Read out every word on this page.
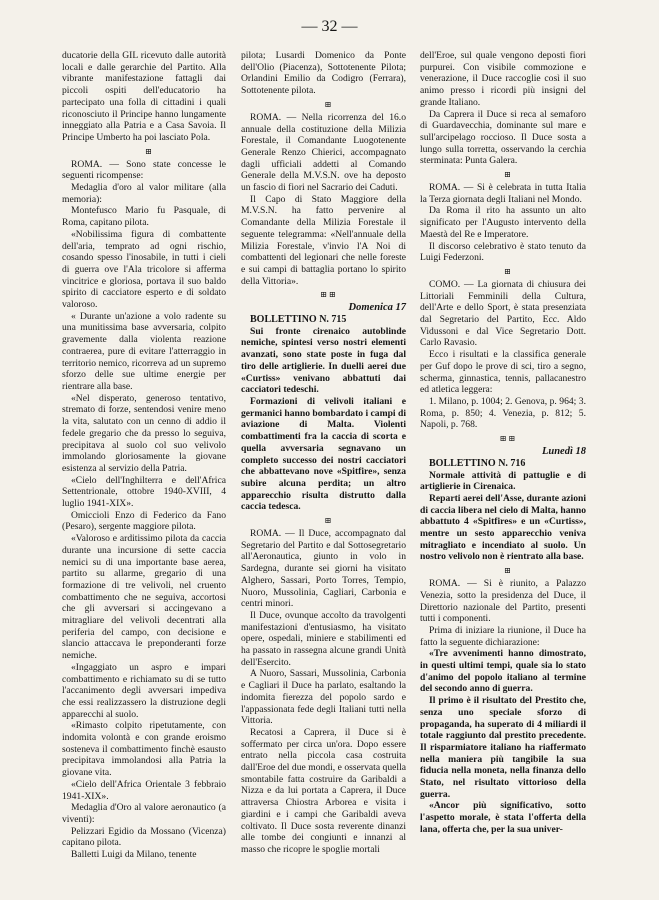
— 32 —

ducatorie della GIL ricevuto dalle autorità locali e dalle gerarchie del Partito. Alla vibrante manifestazione fattagli dai piccoli ospiti dell'educatorio ha partecipato una folla di cittadini i quali riconosciuto il Principe hanno lungamente inneggiato alla Patria e a Casa Savoia. Il Principe Umberto ha poi lasciato Pola.

⊞

ROMA. — Sono state concesse le seguenti ricompense:

Medaglia d'oro al valor militare (alla memoria):

Montefusco Mario fu Pasquale, di Roma, capitano pilota.

«Nobilissima figura di combattente dell'aria, temprato ad ogni rischio, cosando spesso l'inosabile, in tutti i cieli di guerra ove l'Ala tricolore si afferma vincitrice e gloriosa, portava il suo baldo spirito di cacciatore esperto e di soldato valoroso.

« Durante un'azione a volo radente su una munitissima base avversaria, colpito gravemente dalla violenta reazione contraerea, pure di evitare l'atterraggio in territorio nemico, ricorreva ad un supremo sforzo delle sue ultime energie per rientrare alla base.

«Nel disperato, generoso tentativo, stremato di forze, sentendosi venire meno la vita, salutato con un cenno di addio il fedele gregario che da presso lo seguiva, precipitava al suolo col suo velivolo immolando gloriosamente la giovane esistenza al servizio della Patria.

«Cielo dell'Inghilterra e dell'Africa Settentrionale, ottobre 1940-XVIII, 4 luglio 1941-XIX».

Omiccioli Enzo di Federico da Fano (Pesaro), sergente maggiore pilota.

«Valoroso e arditissimo pilota da caccia durante una incursione di sette caccia nemici su di una importante base aerea, partito su allarme, gregario di una formazione di tre velivoli, nel cruento combattimento che ne seguiva, accortosi che gli avversari si accingevano a mitragliare del velivoli decentrati alla periferia del campo, con decisione e slancio attaccava le preponderanti forze nemiche.

«Ingaggiato un aspro e impari combattimento e richiamato su di se tutto l'accanimento degli avversari impediva che essi realizzassero la distruzione degli apparecchi al suolo.

«Rimasto colpito ripetutamente, con indomita volontà e con grande eroismo sosteneva il combattimento finchè esausto precipitava immolandosi alla Patria la giovane vita.

«Cielo dell'Africa Orientale 3 febbraio 1941-XIX».

Medaglia d'Oro al valore aeronautico (a viventi):

Pelizzari Egidio da Mossano (Vicenza) capitano pilota.

Balletti Luigi da Milano, tenente

pilota; Lusardi Domenico da Ponte dell'Olio (Piacenza), Sottotenente Pilota; Orlandini Emilio da Codigro (Ferrara), Sottotenente pilota.

⊞

ROMA. — Nella ricorrenza del 16.o annuale della costituzione della Milizia Forestale, il Comandante Luogotenente Generale Renzo Chierici, accompagnato dagli ufficiali addetti al Comando Generale della M.V.S.N. ove ha deposto un fascio di fiori nel Sacrario dei Caduti.

Il Capo di Stato Maggiore della M.V.S.N. ha fatto pervenire al Comandante della Milizia Forestale il seguente telegramma: «Nell'annuale della Milizia Forestale, v'invio l'A Noi di combattenti del legionari che nelle foreste e sui campi di battaglia portano lo spirito della Vittoria».

⊞ ⊞

Domenica 17

BOLLETTINO N. 715

Sui fronte cirenaico autoblinde nemiche, spintesi verso nostri elementi avanzati, sono state poste in fuga dal tiro delle artiglierie. In duelli aerei due «Curtiss» venivano abbattuti dai cacciatori tedeschi.

Formazioni di velivoli italiani e germanici hanno bombardato i campi di aviazione di Malta. Violenti combattimenti fra la caccia di scorta e quella avversaria segnavano un completo successo dei nostri cacciatori che abbattevano nove «Spitfire», senza subire alcuna perdita; un altro apparecchio risulta distrutto dalla caccia tedesca.

⊞

ROMA. — Il Duce, accompagnato dal Segretario del Partito e dal Sottosegretario all'Aeronautica, giunto in volo in Sardegna, durante sei giorni ha visitato Alghero, Sassari, Porto Torres, Tempio, Nuoro, Mussolinia, Cagliari, Carbonia e centri minori.

Il Duce, ovunque accolto da travolgenti manifestazioni d'entusiasmo, ha visitato opere, ospedali, miniere e stabilimenti ed ha passato in rassegna alcune grandi Unità dell'Esercito.

A Nuoro, Sassari, Mussolinia, Carbonia e Cagliari il Duce ha parlato, esaltando la indomita fierezza del popolo sardo e l'appassionata fede degli Italiani tutti nella Vittoria.

Recatosi a Caprera, il Duce si è soffermato per circa un'ora. Dopo essere entrato nella piccola casa costruita dall'Eroe del due mondi, e osservata quella smontabile fatta costruire da Garibaldi a Nizza e da lui portata a Caprera, il Duce attraversa Chiostra Arborea e visita i giardini e i campi che Garibaldi aveva coltivato. Il Duce sosta reverente dinanzi alle tombe dei congiunti e innanzi al masso che ricopre le spoglie mortali

dell'Eroe, sul quale vengono deposti fiori purpurei. Con visibile commozione e venerazione, il Duce raccoglie così il suo animo presso i ricordi più insigni del grande Italiano.

Da Caprera il Duce si reca al semaforo di Guardavecchia, dominante sul mare e sull'arcipelago roccioso. Il Duce sosta a lungo sulla torretta, osservando la cerchia sterminata: Punta Galera.

⊞

ROMA. — Si è celebrata in tutta Italia la Terza giornata degli Italiani nel Mondo.

Da Roma il rito ha assunto un alto significato per l'Augusto intervento della Maestà del Re e Imperatore.

Il discorso celebrativo è stato tenuto da Luigi Federzoni.

⊞

COMO. — La giornata di chiusura dei Littoriali Femminili della Cultura, dell'Arte e dello Sport, è stata presenziata dal Segretario del Partito, Ecc. Aldo Vidussoni e dal Vice Segretario Dott. Carlo Ravasio.

Ecco i risultati e la classifica generale per Guf dopo le prove di sci, tiro a segno, scherma, ginnastica, tennis, pallacanestro ed atletica leggera:

1. Milano, p. 1004; 2. Genova, p. 964; 3. Roma, p. 850; 4. Venezia, p. 812; 5. Napoli, p. 768.

⊞ ⊞

Lunedì 18

BOLLETTINO N. 716

Normale attività di pattuglie e di artiglierie in Cirenaica.

Reparti aerei dell'Asse, durante azioni di caccia libera nel cielo di Malta, hanno abbattuto 4 «Spitfires» e un «Curtiss», mentre un sesto apparecchio veniva mitragliato e incendiato al suolo. Un nostro velivolo non è rientrato alla base.

⊞

ROMA. — Si è riunito, a Palazzo Venezia, sotto la presidenza del Duce, il Direttorio nazionale del Partito, presenti tutti i componenti.

Prima di iniziare la riunione, il Duce ha fatto la seguente dichiarazione:

«Tre avvenimenti hanno dimostrato, in questi ultimi tempi, quale sia lo stato d'animo del popolo italiano al termine del secondo anno di guerra.

Il primo è il risultato del Prestito che, senza uno speciale sforzo di propaganda, ha superato di 4 miliardi il totale raggiunto dal prestito precedente. Il risparmiatore italiano ha riaffermato nella maniera più tangibile la sua fiducia nella moneta, nella finanza dello Stato, nel risultato vittorioso della guerra.

«Ancor più significativo, sotto l'aspetto morale, è stata l'offerta della lana, offerta che, per la sua univer-
